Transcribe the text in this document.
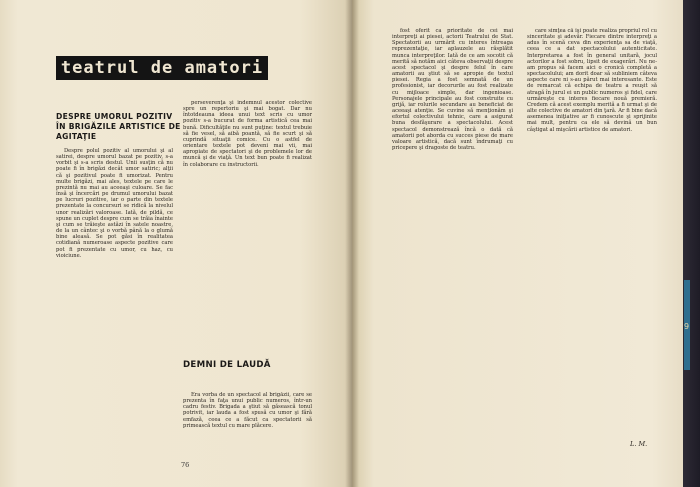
teatrul de amatori
DESPRE UMORUL POZITIV ÎN BRIGĂZILE ARTISTICE DE AGITAŢIE

Despre polul pozitiv al umorului şi al satirei, despre umorul bazat pe pozitiv, s-a vorbit şi s-a scris destul. Unii susţin că nu poate fi în brigăzi decât umor satiric; alţii că şi pozitivul poate fi umorizat. Pentru multe brigăzi, mai ales, textele pe care le prezintă nu mai au aceeaşi culoare. Se fac însă şi încercări pe drumul umorului bazat pe lucruri pozitive, iar o parte din textele prezentate la concursuri se ridică la nivelul unor realizări valoroase. Iată, de pildă, ce spune un cuplet despre cum se trăia înainte şi cum se trăieşte astăzi în satele noastre, de la un cântec şi o vorbă până la o glumă bine aleasă. Se pot găsi în realitatea cotidiană numeroase aspecte pozitive care pot fi prezentate cu umor, cu haz, cu vioiciune.

perseverenţa şi îndemnul acestor colective spre un repertoriu şi mai bogat. Dar nu întotdeauna ideea unui text scris cu umor pozitiv s-a bucurat de forma artistică cea mai bună. Dificultăţile nu sunt puţine: textul trebuie să fie vesel, să aibă poantă, să fie scurt şi să cuprindă situaţii comice. Cu o astfel de orientare textele pot deveni mai vii, mai apropiate de spectatori şi de problemele lor de muncă şi de viaţă. Un text bun poate fi realizat în colaborare cu instructorii.

DEMNI DE LAUDĂ

Era vorba de un spectacol al brigăzii, care se prezenta în faţa unui public numeros, într-un cadru festiv. Brigada a ştiut să găsească tonul potrivit, iar lauda a fost spusă cu umor şi fără emfază, ceea ce a făcut ca spectatorii să primească textul cu mare plăcere.

76

fost oferit ca prioritate de cei mai interpreţi ai piesei, actorii Teatrului de Stat. Spectatorii au urmărit cu interes întreaga reprezentaţie, iar aplauzele au răsplătit munca interpreţilor. Iată de ce am socotit că merită să notăm aici câteva observaţii despre acest spectacol şi despre felul în care amatorii au ştiut să se apropie de textul piesei. Regia a fost semnată de un profesionist, iar decorurile au fost realizate cu mijloace simple, dar ingenioase. Personajele principale au fost construite cu grijă, iar rolurile secundare au beneficiat de aceeaşi atenţie. Se cuvine să menţionăm şi efortul colectivului tehnic, care a asigurat buna desfăşurare a spectacolului. Acest spectacol demonstrează încă o dată că amatorii pot aborda cu succes piese de mare valoare artistică, dacă sunt îndrumaţi cu pricepere şi dragoste de teatru.

care simţea că îşi poate realiza propriul rol cu sinceritate şi adevăr. Fiecare dintre interpreţi a adus în scenă ceva din experienţa sa de viaţă, ceea ce a dat spectacolului autenticitate. Interpretarea a fost în general unitară, jocul actorilor a fost sobru, lipsit de exagerări. Nu ne-am propus să facem aici o cronică completă a spectacolului; am dorit doar să subliniem câteva aspecte care ni s-au părut mai interesante. Este de remarcat că echipa de teatru a reuşit să atragă în jurul ei un public numeros şi fidel, care urmăreşte cu interes fiecare nouă premieră. Credem că acest exemplu merită a fi urmat şi de alte colective de amatori din ţară. Ar fi bine dacă asemenea iniţiative ar fi cunoscute şi sprijinite mai mult, pentru ca ele să devină un bun câştigat al mişcării artistice de amatori.

L. M.
9
